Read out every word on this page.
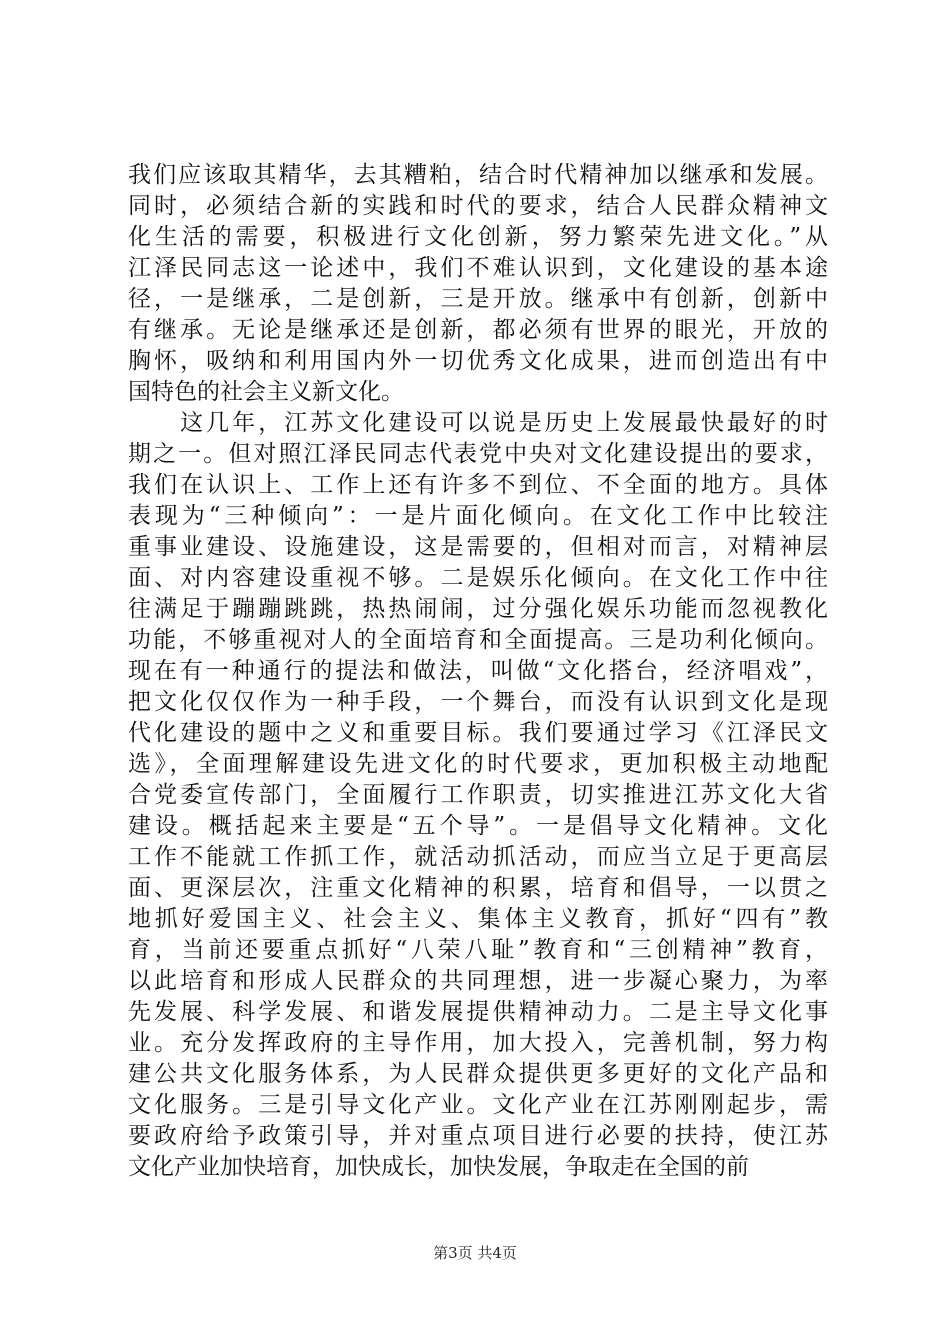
我们应该取其精华，去其糟粕，结合时代精神加以继承和发展。
同时，必须结合新的实践和时代的要求，结合人民群众精神文
化生活的需要，积极进行文化创新，努力繁荣先进文化。”从
江泽民同志这一论述中，我们不难认识到，文化建设的基本途
径，一是继承，二是创新，三是开放。继承中有创新，创新中
有继承。无论是继承还是创新，都必须有世界的眼光，开放的
胸怀，吸纳和利用国内外一切优秀文化成果，进而创造出有中
国特色的社会主义新文化。
　　这几年，江苏文化建设可以说是历史上发展最快最好的时
期之一。但对照江泽民同志代表党中央对文化建设提出的要求，
我们在认识上、工作上还有许多不到位、不全面的地方。具体
表现为“三种倾向”：一是片面化倾向。在文化工作中比较注
重事业建设、设施建设，这是需要的，但相对而言，对精神层
面、对内容建设重视不够。二是娱乐化倾向。在文化工作中往
往满足于蹦蹦跳跳，热热闹闹，过分强化娱乐功能而忽视教化
功能，不够重视对人的全面培育和全面提高。三是功利化倾向。
现在有一种通行的提法和做法，叫做“文化搭台，经济唱戏”，
把文化仅仅作为一种手段，一个舞台，而没有认识到文化是现
代化建设的题中之义和重要目标。我们要通过学习《江泽民文
选》，全面理解建设先进文化的时代要求，更加积极主动地配
合党委宣传部门，全面履行工作职责，切实推进江苏文化大省
建设。概括起来主要是“五个导”。一是倡导文化精神。文化
工作不能就工作抓工作，就活动抓活动，而应当立足于更高层
面、更深层次，注重文化精神的积累，培育和倡导，一以贯之
地抓好爱国主义、社会主义、集体主义教育，抓好“四有”教
育，当前还要重点抓好“八荣八耻”教育和“三创精神”教育，
以此培育和形成人民群众的共同理想，进一步凝心聚力，为率
先发展、科学发展、和谐发展提供精神动力。二是主导文化事
业。充分发挥政府的主导作用，加大投入，完善机制，努力构
建公共文化服务体系，为人民群众提供更多更好的文化产品和
文化服务。三是引导文化产业。文化产业在江苏刚刚起步，需
要政府给予政策引导，并对重点项目进行必要的扶持，使江苏
文化产业加快培育，加快成长，加快发展，争取走在全国的前
第3页 共4页
